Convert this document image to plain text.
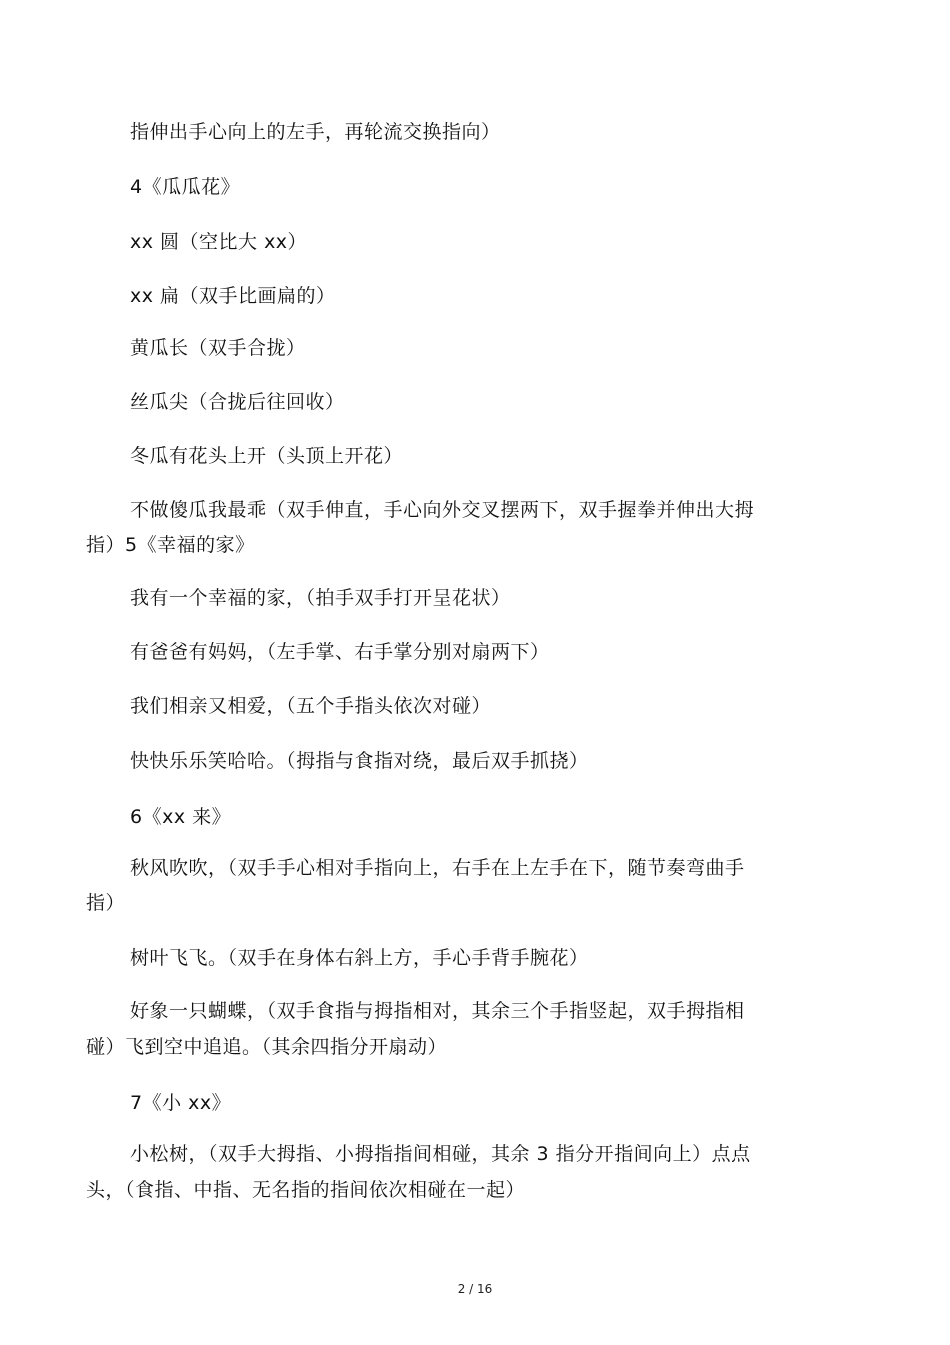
指伸出手心向上的左手，再轮流交换指向）
4《瓜瓜花》
xx 圆（空比大 xx）
xx 扁（双手比画扁的）
黄瓜长（双手合拢）
丝瓜尖（合拢后往回收）
冬瓜有花头上开（头顶上开花）
不做傻瓜我最乖（双手伸直，手心向外交叉摆两下，双手握拳并伸出大拇
指）5《幸福的家》
我有一个幸福的家，（拍手双手打开呈花状）
有爸爸有妈妈，（左手掌、右手掌分别对扇两下）
我们相亲又相爱，（五个手指头依次对碰）
快快乐乐笑哈哈。（拇指与食指对绕，最后双手抓挠）
6《xx 来》
秋风吹吹，（双手手心相对手指向上，右手在上左手在下，随节奏弯曲手
指）
树叶飞飞。（双手在身体右斜上方，手心手背手腕花）
好象一只蝴蝶，（双手食指与拇指相对，其余三个手指竖起，双手拇指相
碰）飞到空中追追。（其余四指分开扇动）
7《小 xx》
小松树，（双手大拇指、小拇指指间相碰，其余 3 指分开指间向上）点点
头，（食指、中指、无名指的指间依次相碰在一起）
2 / 16
